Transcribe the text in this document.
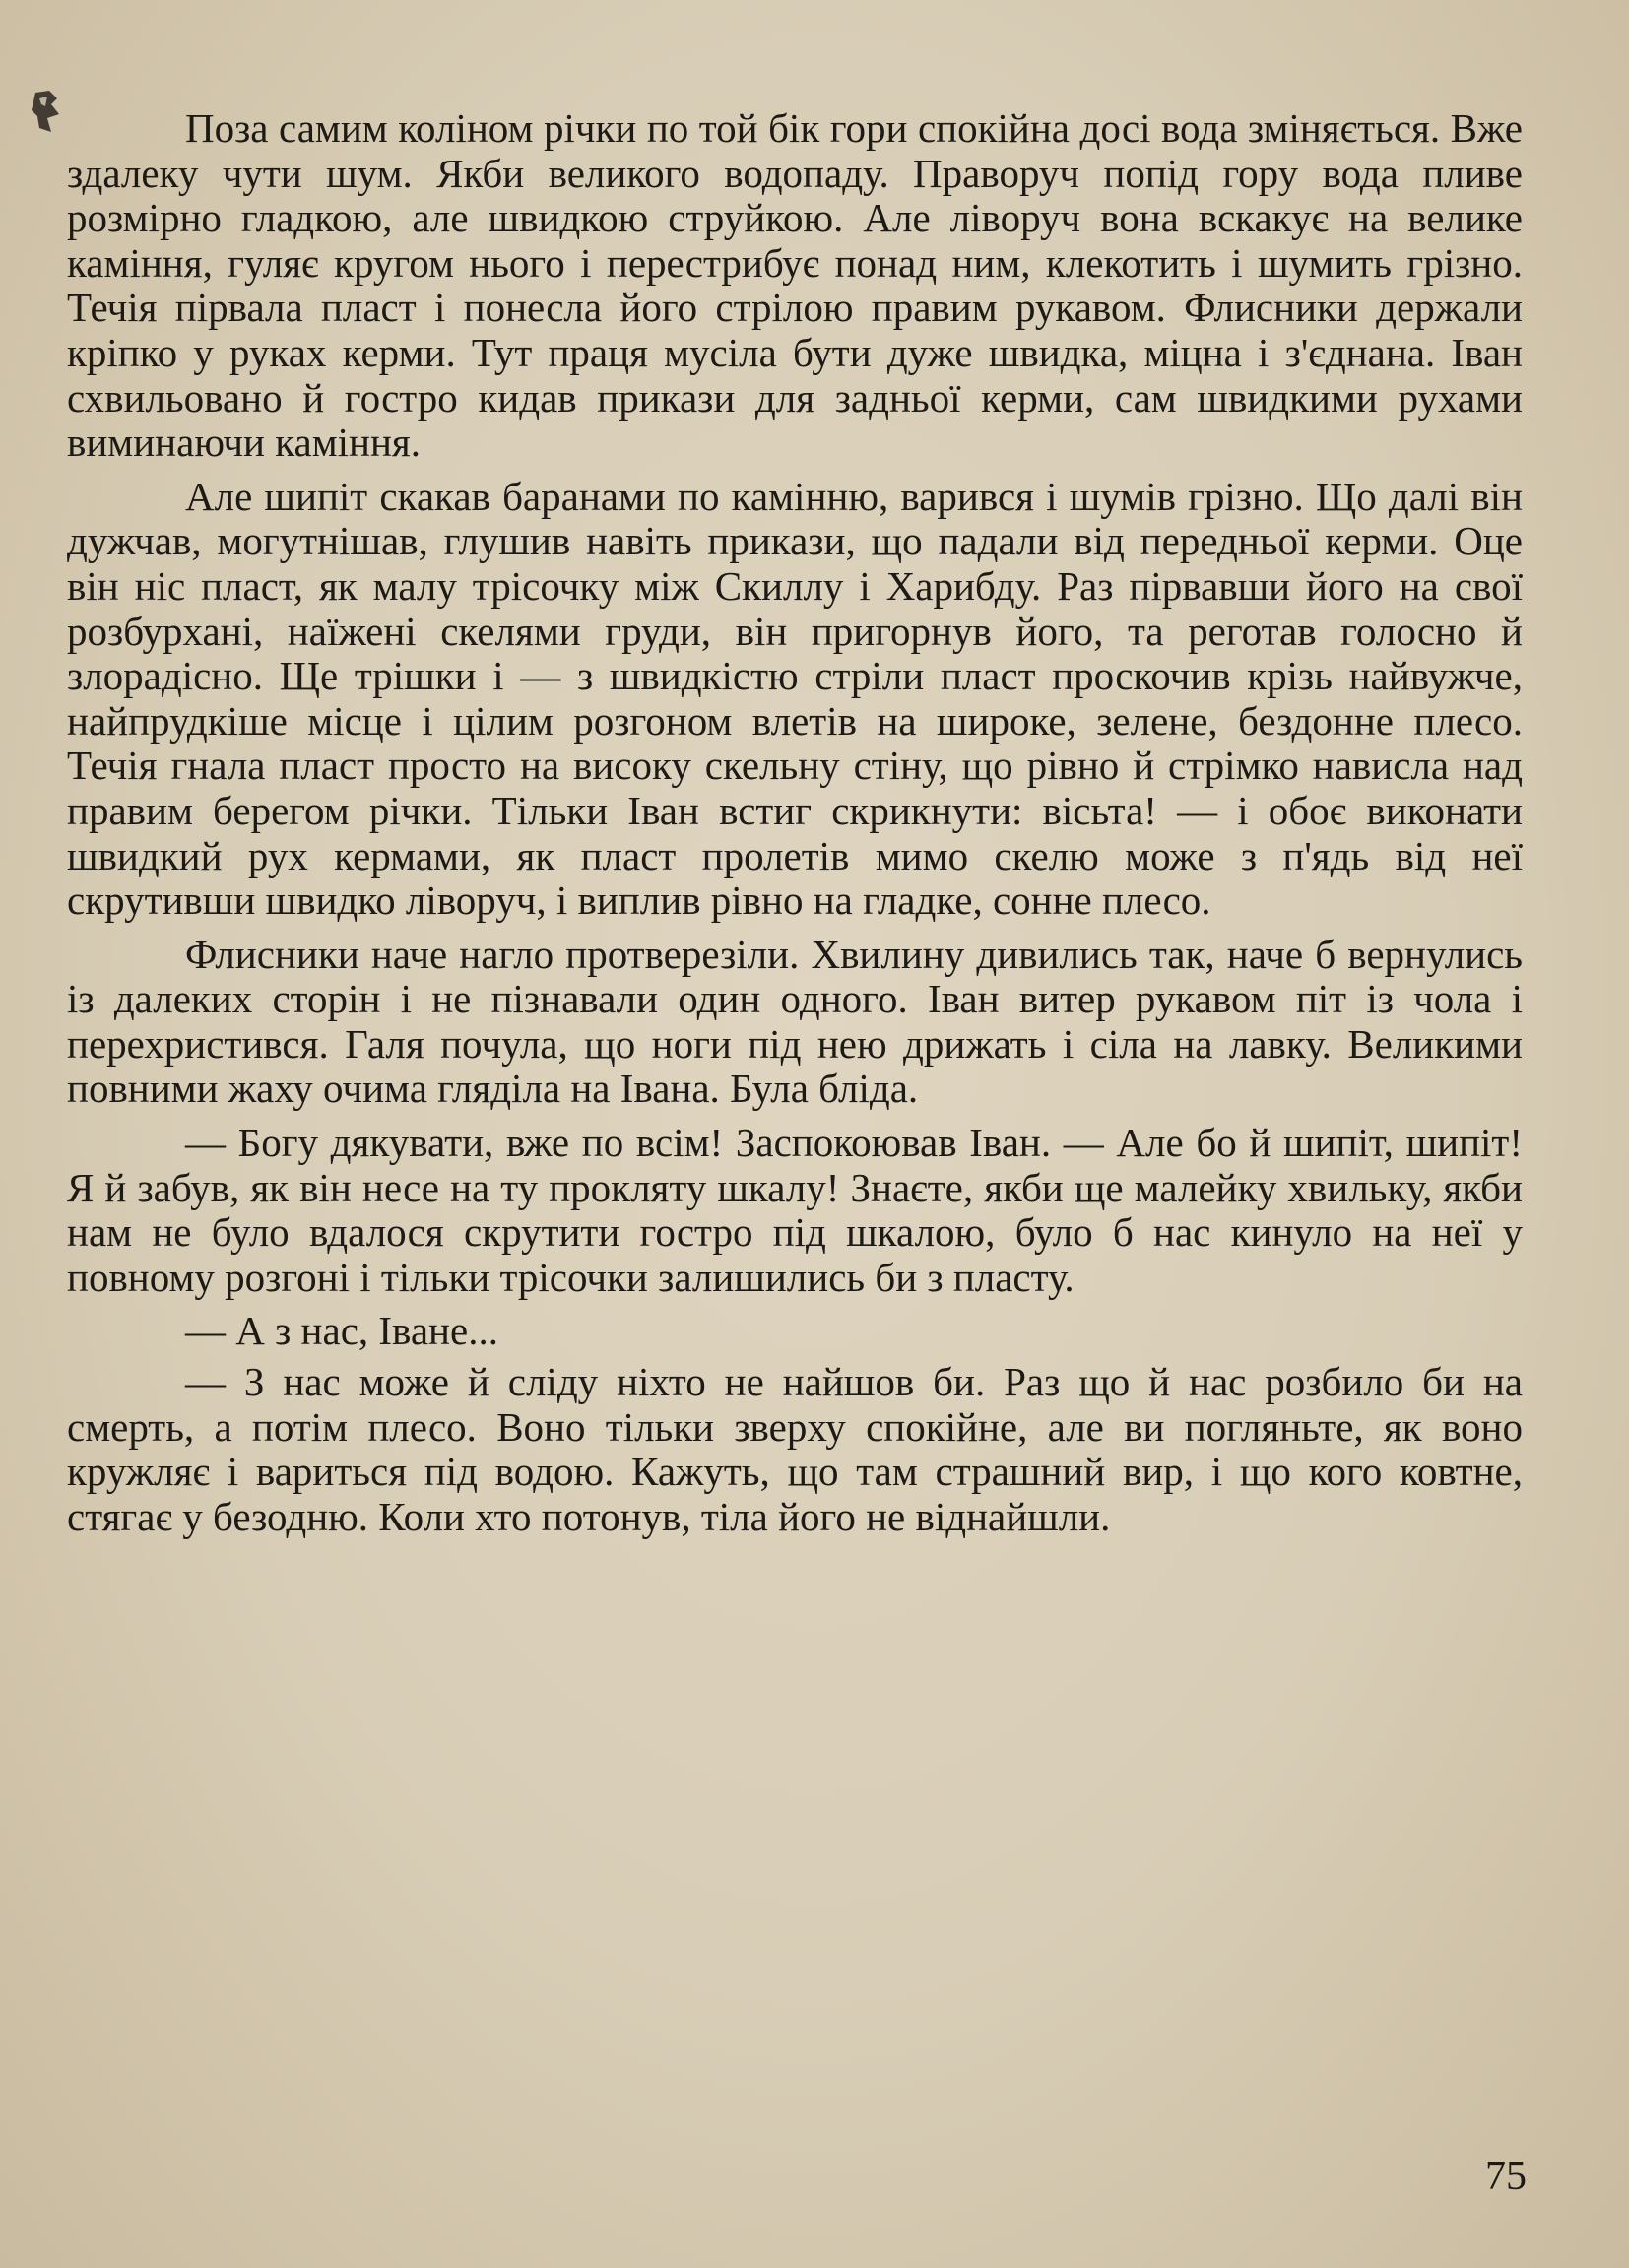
Поза самим коліном річки по той бік гори спокійна досі вода зміняється. Вже здалеку чути шум. Якби великого водопаду. Праворуч попід гору вода пливе розмірно гладкою, але швидкою струйкою. Але ліворуч вона вскакує на велике каміння, гуляє кругом нього і перестрибує понад ним, клекотить і шумить грізно. Течія пірвала пласт і понесла його стрілою правим рукавом. Флисники держали кріпко у руках керми. Тут праця мусіла бути дуже швидка, міцна і з'єднана. Іван схвильовано й гостро кидав прикази для задньої керми, сам швидкими рухами виминаючи каміння.

Але шипіт скакав баранами по камінню, варився і шумів грізно. Що далі він дужчав, могутнішав, глушив навіть прикази, що падали від передньої керми. Оце він ніс пласт, як малу трісочку між Скиллу і Харибду. Раз пірвавши його на свої розбурхані, наїжені скелями груди, він пригорнув його, та реготав голосно й злорадісно. Ще трішки і — з швидкістю стріли пласт проскочив крізь найвужче, найпрудкіше місце і цілим розгоном влетів на широке, зелене, бездонне плесо. Течія гнала пласт просто на високу скельну стіну, що рівно й стрімко нависла над правим берегом річки. Тільки Іван встиг скрикнути: вісьта! — і обоє виконати швидкий рух кермами, як пласт пролетів мимо скелю може з п'ядь від неї скрутивши швидко ліворуч, і виплив рівно на гладке, сонне плесо.

Флисники наче нагло протверезіли. Хвилину дивились так, наче б вернулись із далеких сторін і не пізнавали один одного. Іван витер рукавом піт із чола і перехристився. Галя почула, що ноги під нею дрижать і сіла на лавку. Великими повними жаху очима гляділа на Івана. Була бліда.

— Богу дякувати, вже по всім! Заспокоював Іван. — Але бо й шипіт, шипіт! Я й забув, як він несе на ту прокляту шкалу! Знаєте, якби ще малейку хвильку, якби нам не було вдалося скрутити гостро під шкалою, було б нас кинуло на неї у повному розгоні і тільки трісочки залишились би з пласту.

— А з нас, Іване...

— З нас може й сліду ніхто не найшов би. Раз що й нас розбило би на смерть, а потім плесо. Воно тільки зверху спокійне, але ви погляньте, як воно кружляє і вариться під водою. Кажуть, що там страшний вир, і що кого ковтне, стягає у безодню. Коли хто потонув, тіла його не віднайшли.

75
